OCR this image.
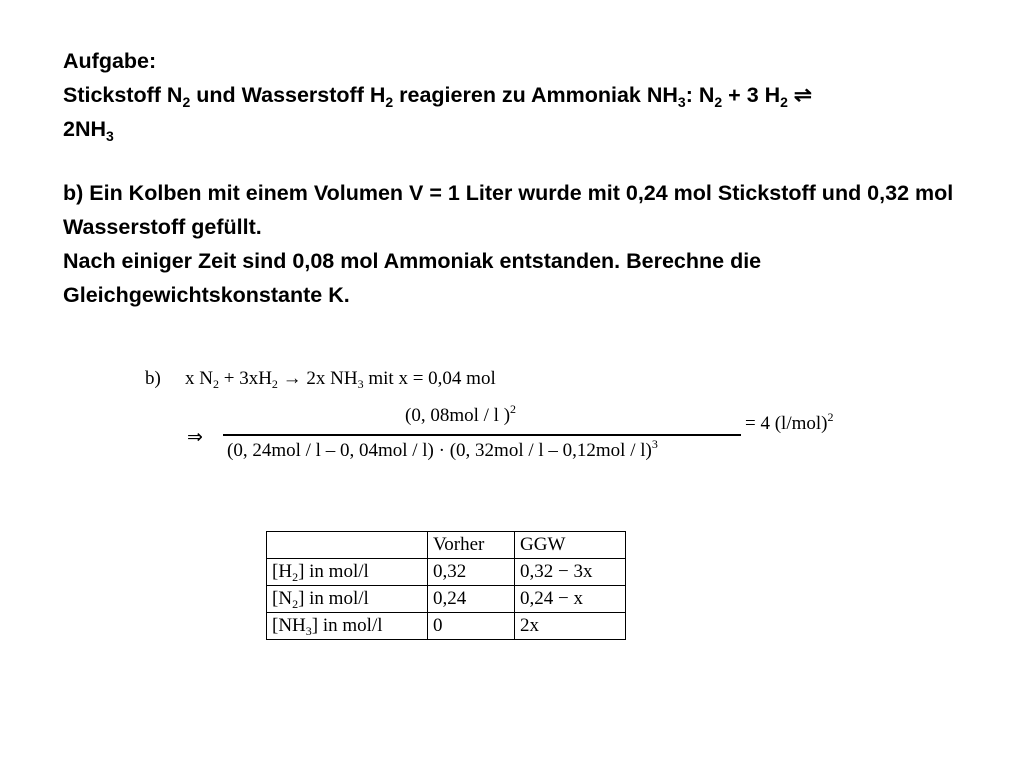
Aufgabe:

Stickstoff $N_2$ und Wasserstoff $H_2$ reagieren zu Ammoniak $NH_3$: $N_2 + 3$ $H_2$ ⇌

$2NH_3$

b) Ein Kolben mit einem Volumen V = 1 Liter wurde mit 0,24 mol Stickstoff und 0,32 mol Wasserstoff gefüllt.

Nach einiger Zeit sind 0,08 mol Ammoniak entstanden. Berechne die Gleichgewichtskonstante K.

b) x $N_2 + 3xH_2 \to 2x$ $NH_3$ mit x = 0,04 mol
⇒
(0, 08mol / l )$^2$
(0, 24mol / l – 0, 04mol / l) · (0, 32mol / l – 0,12mol / l)$^3$
= 4 $(l/mol)^2$
	Vorher	GGW
$[H_2]$ in mol/l	0,32	0,32 − 3x
$[N_2]$ in mol/l	0,24	0,24 − x
$[NH_3]$ in mol/l	0	2x
